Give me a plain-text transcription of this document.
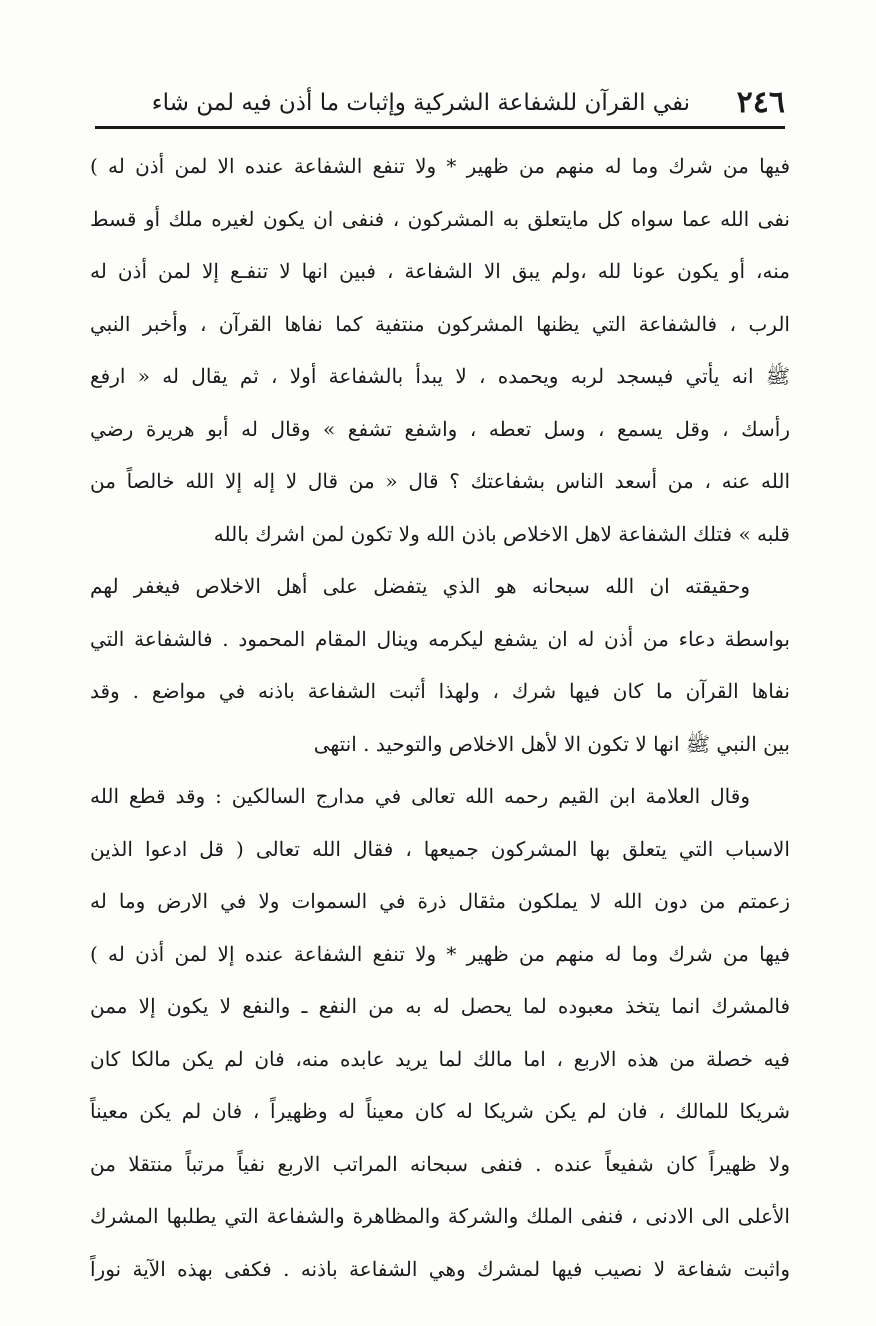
٢٤٦
نفي القرآن للشفاعة الشركية وإثبات ما أذن فيه لمن شاء
فيها من شرك وما له منهم من ظهير * ولا تنفع الشفاعة عنده الا لمن أذن له )
نفى الله عما سواه كل مايتعلق به المشركون ، فنفى ان يكون لغيره ملك أو قسط
منه، أو يكون عونا لله ،ولم يبق الا الشفاعة ، فبين انها لا تنفـع إلا لمن أذن له
الرب ، فالشفاعة التي يظنها المشركون منتفية كما نفاها القرآن ، وأخبر النبي
ﷺ انه يأتي فيسجد لربه ويحمده ، لا يبدأ بالشفاعة أولا ، ثم يقال له « ارفع
رأسك ، وقل يسمع ، وسل تعطه ، واشفع تشفع » وقال له أبو هريرة رضي
الله عنه ، من أسعد الناس بشفاعتك ؟ قال « من قال لا إله إلا الله خالصاً من
قلبه » فتلك الشفاعة لاهل الاخلاص باذن الله ولا تكون لمن اشرك بالله
وحقيقته ان الله سبحانه هو الذي يتفضل على أهل الاخلاص فيغفر لهم
بواسطة دعاء من أذن له ان يشفع ليكرمه وينال المقام المحمود . فالشفاعة التي
نفاها القرآن ما كان فيها شرك ، ولهذا أثبت الشفاعة باذنه في مواضع . وقد
بين النبي ﷺ انها لا تكون الا لأهل الاخلاص والتوحيد . انتهى
وقال العلامة ابن القيم رحمه الله تعالى في مدارج السالكين : وقد قطع الله
الاسباب التي يتعلق بها المشركون جميعها ، فقال الله تعالى ( قل ادعوا الذين
زعمتم من دون الله لا يملكون مثقال ذرة في السموات ولا في الارض وما له
فيها من شرك وما له منهم من ظهير * ولا تنفع الشفاعة عنده إلا لمن أذن له )
فالمشرك انما يتخذ معبوده لما يحصل له به من النفع ـ والنفع لا يكون إلا ممن
فيه خصلة من هذه الاربع ، اما مالك لما يريد عابده منه، فان لم يكن مالكا كان
شريكا للمالك ، فان لم يكن شريكا له كان معيناً له وظهيراً ، فان لم يكن معيناً
ولا ظهيراً كان شفيعاً عنده . فنفى سبحانه المراتب الاربع نفياً مرتباً منتقلا من
الأعلى الى الادنى ، فنفى الملك والشركة والمظاهرة والشفاعة التي يطلبها المشرك
واثبت شفاعة لا نصيب فيها لمشرك وهي الشفاعة باذنه . فكفى بهذه الآية نوراً
